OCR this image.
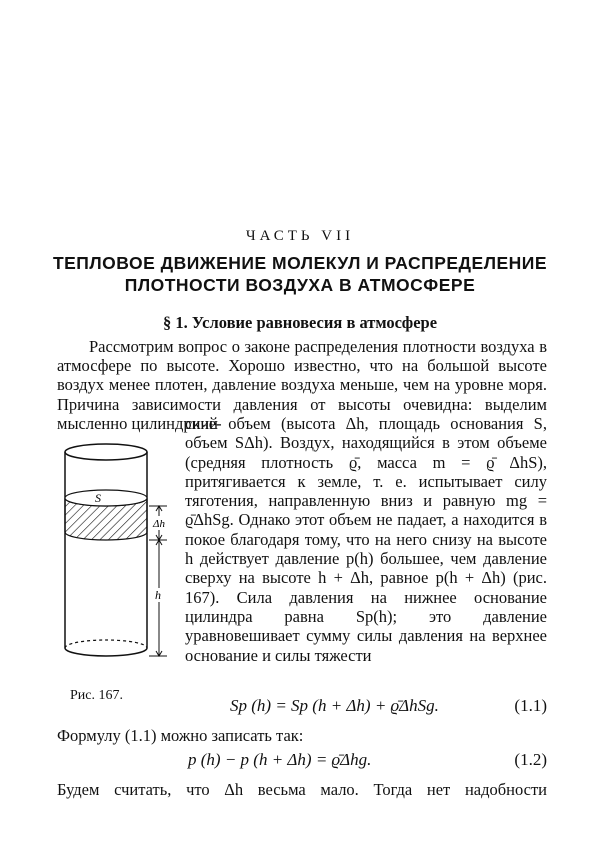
ЧАСТЬ VII
ТЕПЛОВОЕ ДВИЖЕНИЕ МОЛЕКУЛ И РАСПРЕДЕЛЕНИЕ
ПЛОТНОСТИ ВОЗДУХА В АТМОСФЕРЕ
§ 1. Условие равновесия в атмосфере
Рассмотрим вопрос о законе распределения плотности воздуха в атмосфере по высоте. Хорошо известно, что на большой высоте воздух менее плотен, давление воздуха меньше, чем на уровне моря. Причина зависимости давления от высоты очевидна: выделим мысленно цилиндриче-
ский объем (высота Δh, площадь основания S, объем SΔh). Воздух, находящийся в этом объеме (средняя плотность ϱ̄, масса m = ϱ̄ ΔhS), притягивается к земле, т. е. испытывает силу тяготения, направленную вниз и равную mg = ϱ̄ΔhSg. Однако этот объем не падает, а находится в покое благодаря тому, что на него снизу на высоте h действует давление p(h) большее, чем давление сверху на высоте h + Δh, равное p(h + Δh) (рис. 167). Сила давления на нижнее основание цилиндра равна Sp(h); это давление уравновешивает сумму силы давления на верхнее основание и силы тяжести
S
Δh
h
Рис. 167.
Sp (h) = Sp (h + Δh) + ϱ̄ΔhSg.	(1.1)
Формулу (1.1) можно записать так:
p (h) − p (h + Δh) = ϱ̄Δhg.	(1.2)
Будем считать, что Δh весьма мало. Тогда нет надобности
